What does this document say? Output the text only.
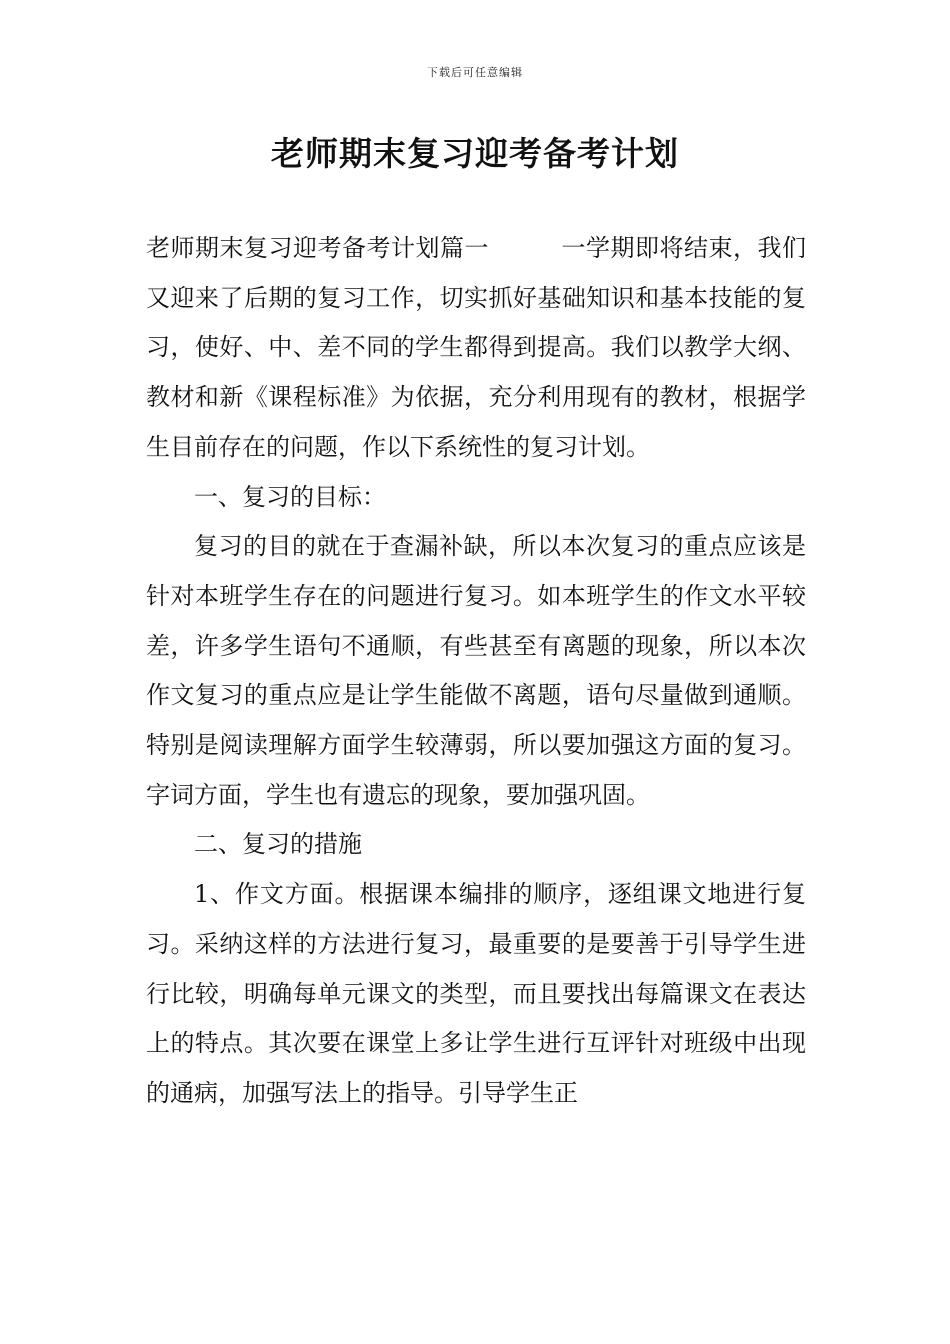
下载后可任意编辑
老师期末复习迎考备考计划

老师期末复习迎考备考计划篇一	一学期即将结束，我们又迎来了后期的复习工作，切实抓好基础知识和基本技能的复习，使好、中、差不同的学生都得到提高。我们以教学大纲、教材和新《课程标准》为依据，充分利用现有的教材，根据学生目前存在的问题，作以下系统性的复习计划。

一、复习的目标：

复习的目的就在于查漏补缺，所以本次复习的重点应该是针对本班学生存在的问题进行复习。如本班学生的作文水平较差，许多学生语句不通顺，有些甚至有离题的现象，所以本次作文复习的重点应是让学生能做不离题，语句尽量做到通顺。特别是阅读理解方面学生较薄弱，所以要加强这方面的复习。字词方面，学生也有遗忘的现象，要加强巩固。

二、复习的措施

1、作文方面。根据课本编排的顺序，逐组课文地进行复习。采纳这样的方法进行复习，最重要的是要善于引导学生进行比较，明确每单元课文的类型，而且要找出每篇课文在表达上的特点。其次要在课堂上多让学生进行互评针对班级中出现的通病，加强写法上的指导。引导学生正
